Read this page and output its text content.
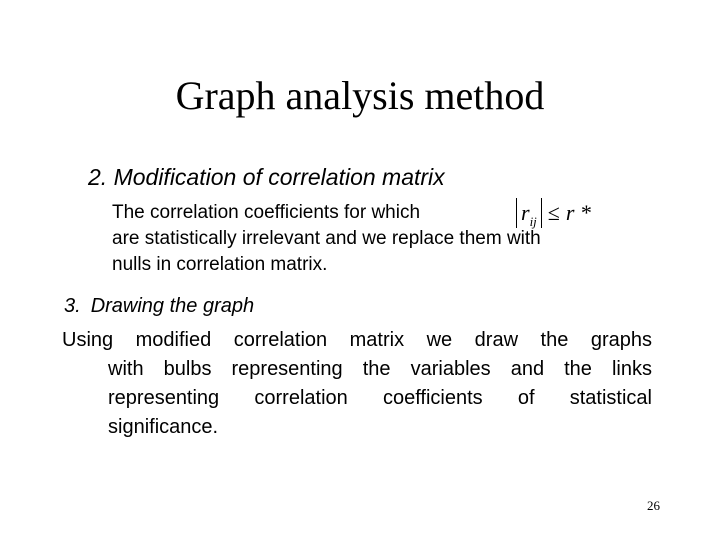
Graph analysis method
2. Modification of correlation matrix
The correlation coefficients for which
are statistically irrelevant and we replace them with
nulls in correlation matrix.
$r_{ij} \le r$ *
3. Drawing the graph
Using modified correlation matrix we draw the graphs
with bulbs representing the variables and the links
representing correlation coefficients of statistical
significance.
26
